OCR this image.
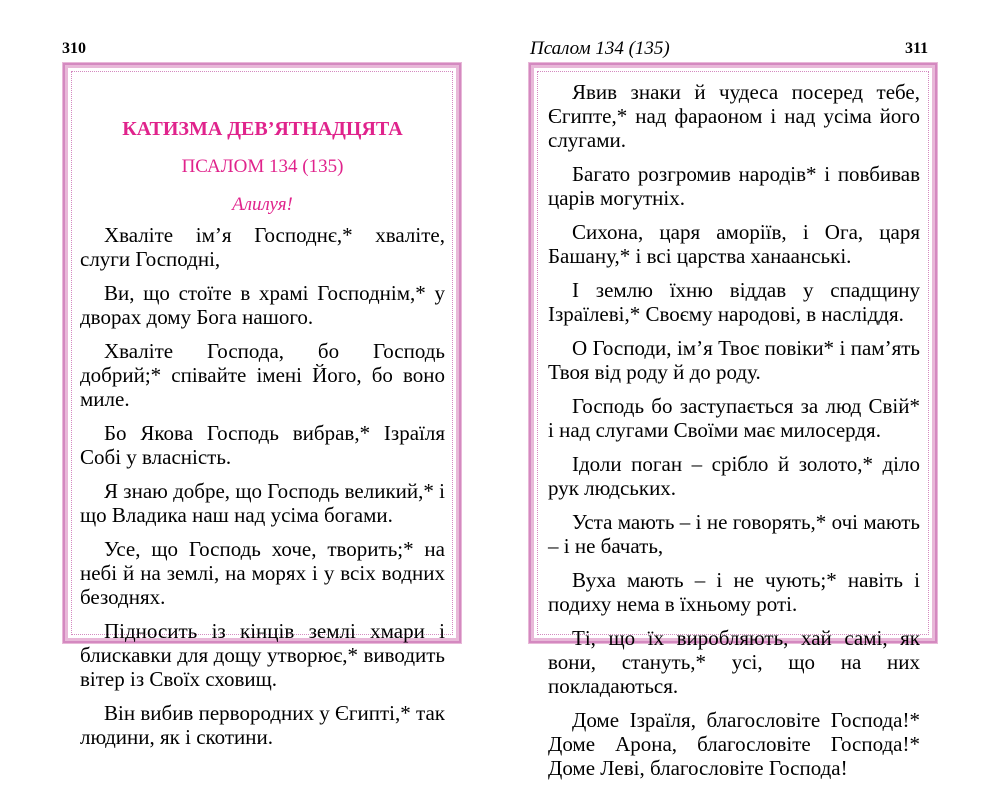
310
КАТИЗМА ДЕВ’ЯТНАДЦЯТА
ПСАЛОМ 134 (135)
Алилуя!

Хваліте ім’я Господнє,* хваліте, слуги Господні,

Ви, що стоїте в храмі Господнім,* у дворах дому Бога нашого.

Хваліте Господа, бо Господь добрий;* співайте імені Його, бо воно миле.

Бо Якова Господь вибрав,* Ізраїля Собі у власність.

Я знаю добре, що Господь великий,* і що Владика наш над усіма богами.

Усе, що Господь хоче, творить;* на небі й на землі, на морях і у всіх водних безоднях.

Підносить із кінців землі хмари і блискавки для дощу утворює,* виводить вітер із Своїх сховищ.

Він вибив первородних у Єгипті,* так людини, як і скотини.

Псалом 134 (135)	311

Явив знаки й чудеса посеред тебе, Єгипте,* над фараоном і над усіма його слугами.

Багато розгромив народів* і повбивав царів могутніх.

Сихона, царя аморіїв, і Ога, царя Башану,* і всі царства ханаанські.

І землю їхню віддав у спадщину Ізраїлеві,* Своєму народові, в насліддя.

О Господи, ім’я Твоє повіки* і пам’ять Твоя від роду й до роду.

Господь бо заступається за люд Свій* і над слугами Своїми має милосердя.

Ідоли поган – срібло й золото,* діло рук людських.

Уста мають – і не говорять,* очі мають – і не бачать,

Вуха мають – і не чують;* навіть і подиху нема в їхньому роті.

Ті, що їх виробляють, хай самі, як вони, стануть,* усі, що на них покладаються.

Доме Ізраїля, благословіте Господа!* Доме Арона, благословіте Господа!* Доме Леві, благословіте Господа!
